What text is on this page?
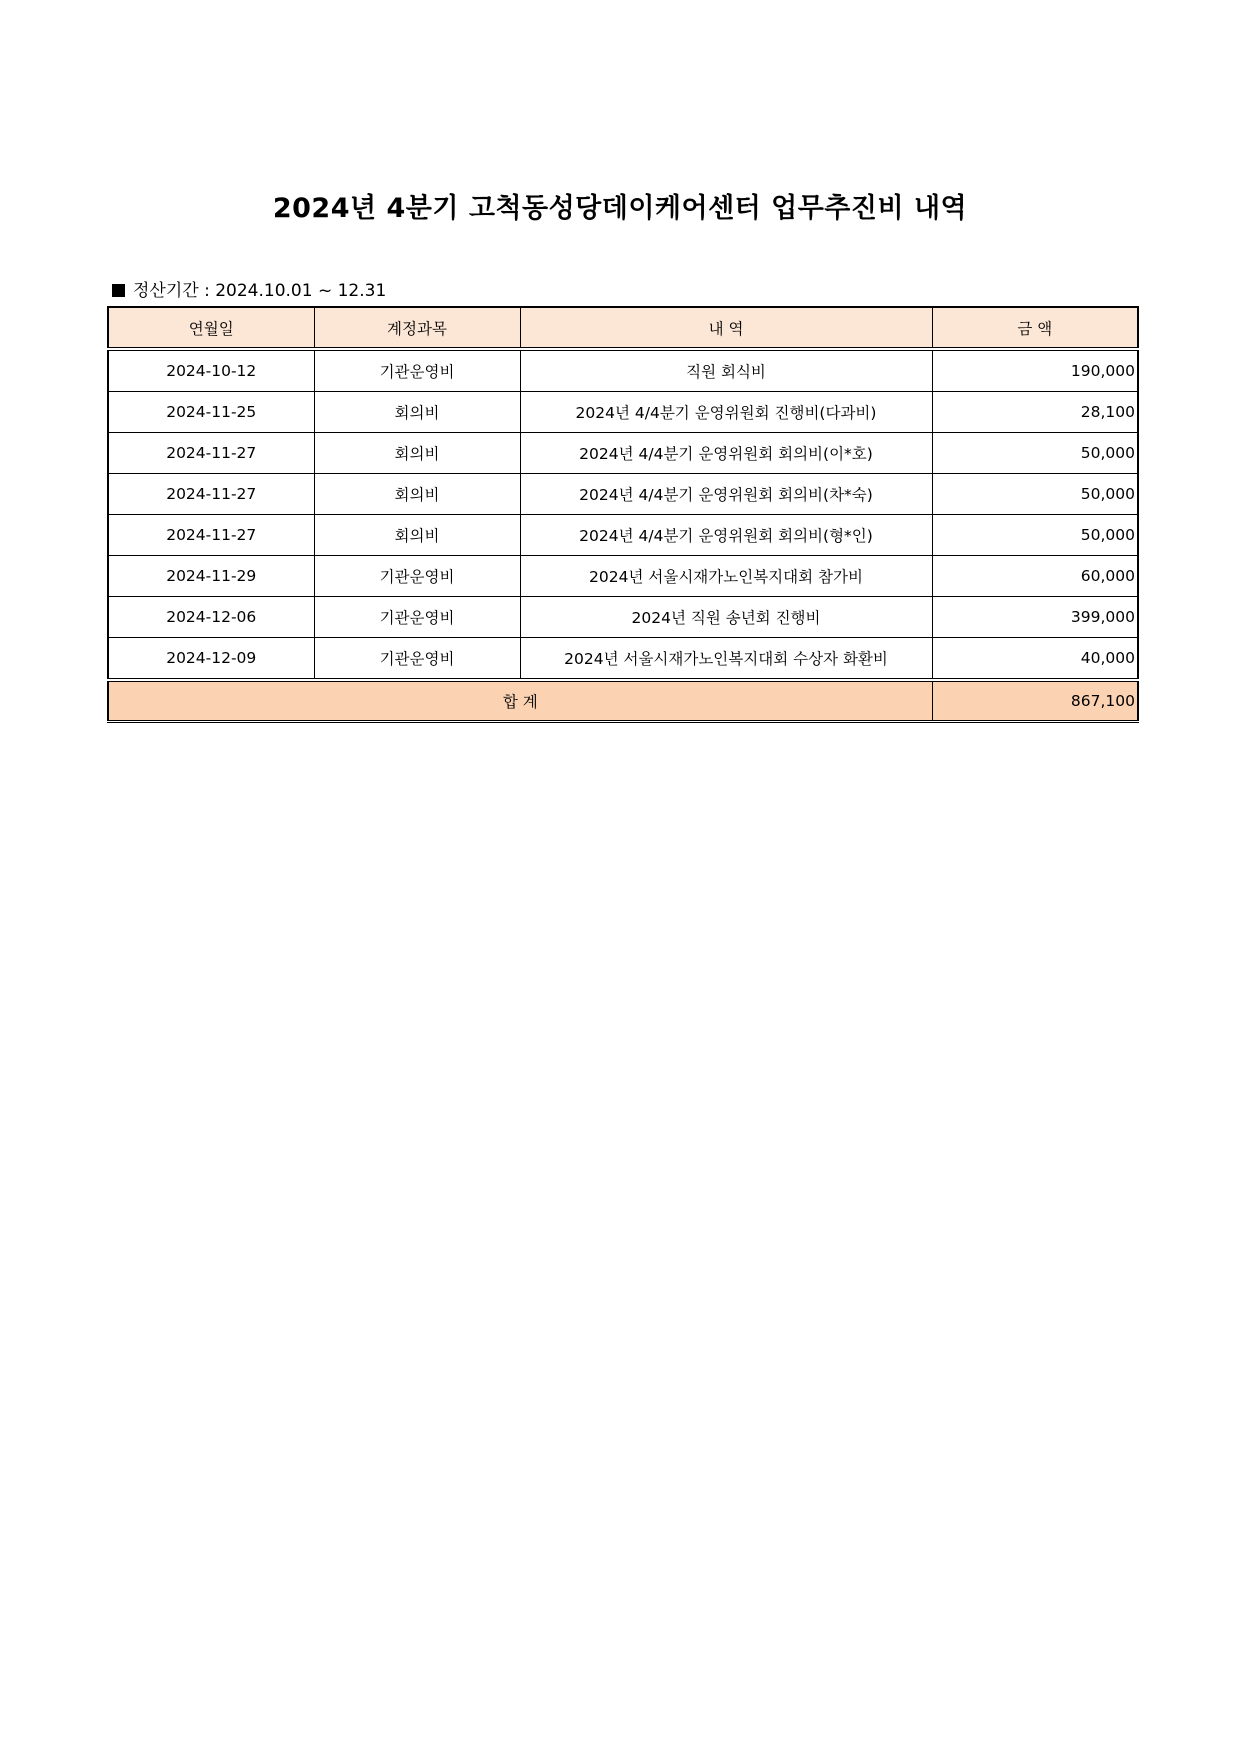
2024년 4분기 고척동성당데이케어센터 업무추진비 내역
정산기간 : 2024.10.01 ~ 12.31
연월일	계정과목	내 역	금 액
2024-10-12	기관운영비	직원 회식비	190,000
2024-11-25	회의비	2024년 4/4분기 운영위원회 진행비(다과비)	28,100
2024-11-27	회의비	2024년 4/4분기 운영위원회 회의비(이*호)	50,000
2024-11-27	회의비	2024년 4/4분기 운영위원회 회의비(차*숙)	50,000
2024-11-27	회의비	2024년 4/4분기 운영위원회 회의비(형*인)	50,000
2024-11-29	기관운영비	2024년 서울시재가노인복지대회 참가비	60,000
2024-12-06	기관운영비	2024년 직원 송년회 진행비	399,000
2024-12-09	기관운영비	2024년 서울시재가노인복지대회 수상자 화환비	40,000
합 계			867,100
